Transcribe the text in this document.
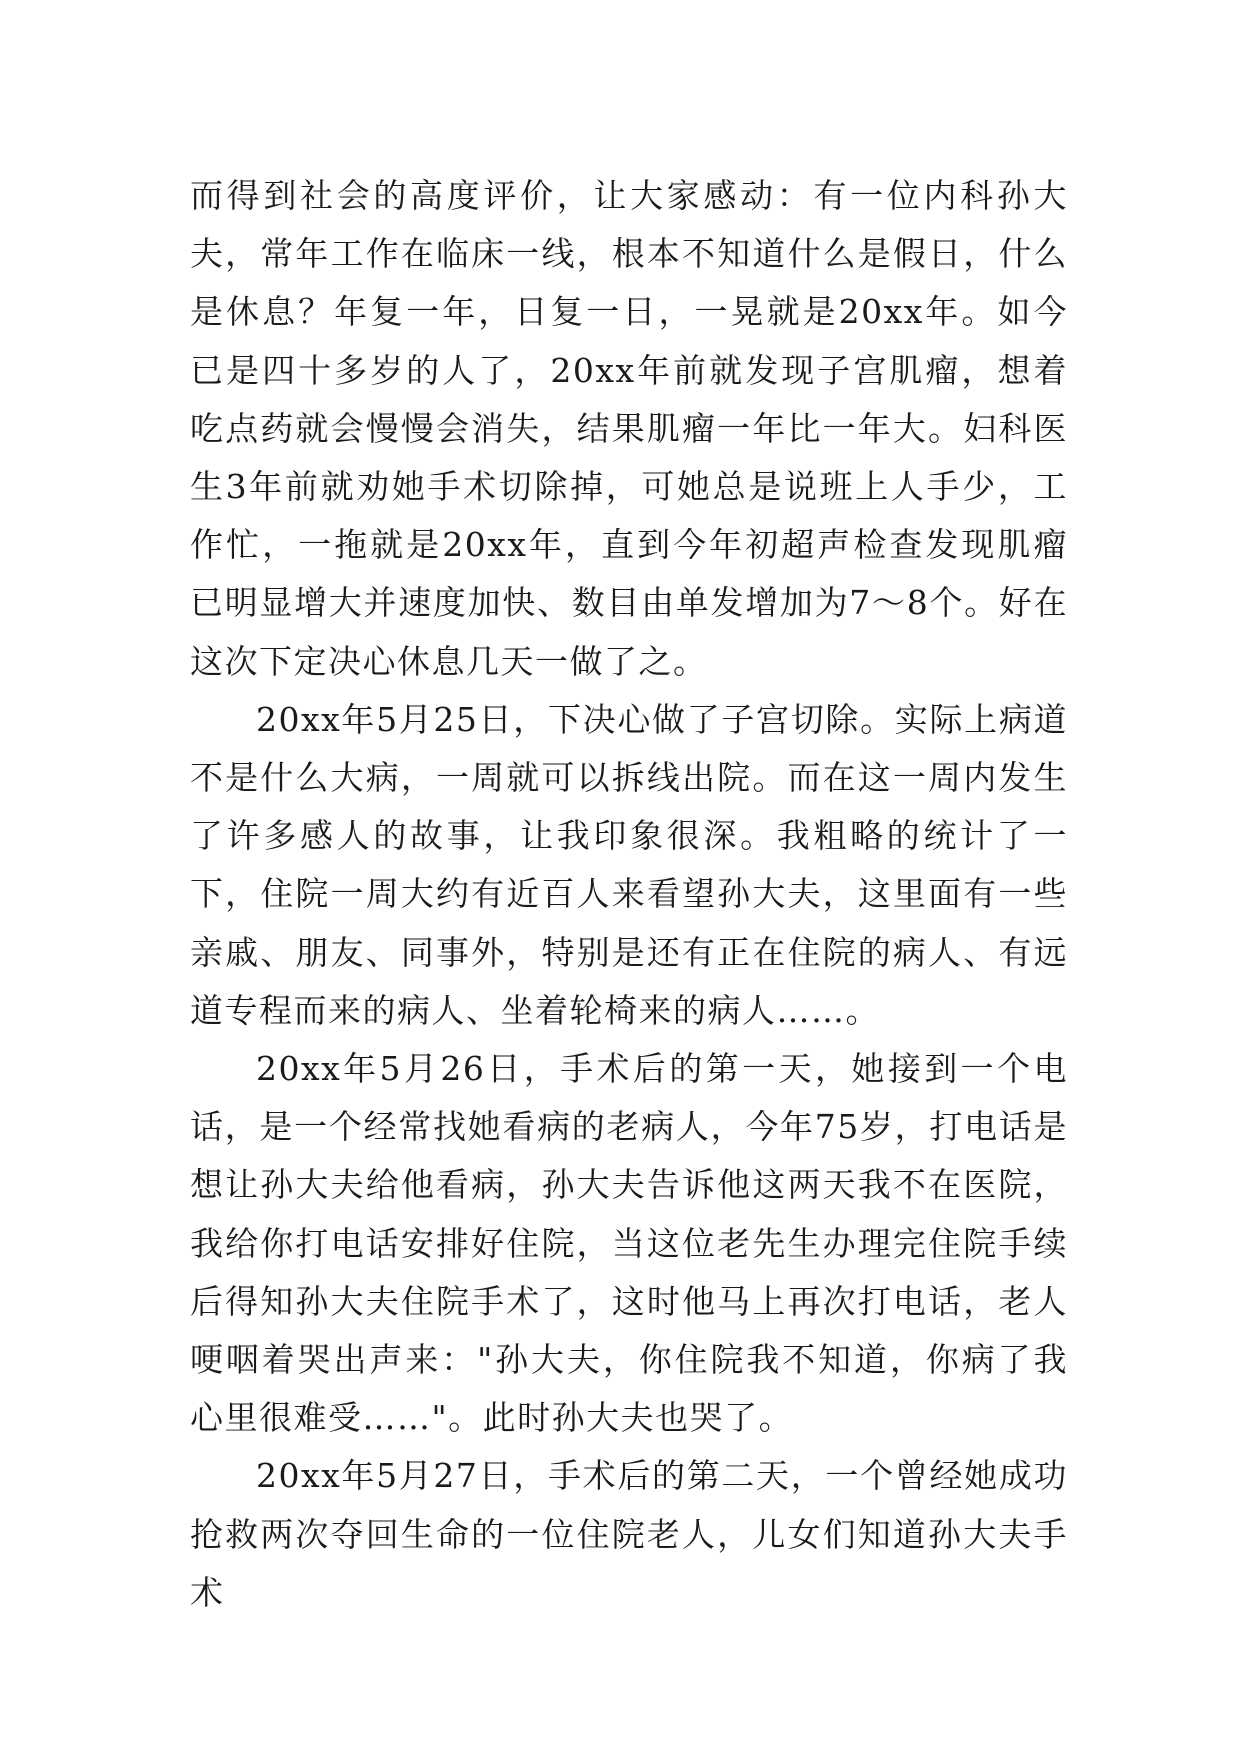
而得到社会的高度评价，让大家感动：有一位内科孙大夫，常年工作在临床一线，根本不知道什么是假日，什么是休息？年复一年，日复一日，一晃就是20xx年。如今已是四十多岁的人了，20xx年前就发现子宫肌瘤，想着吃点药就会慢慢会消失，结果肌瘤一年比一年大。妇科医生3年前就劝她手术切除掉，可她总是说班上人手少，工作忙，一拖就是20xx年，直到今年初超声检查发现肌瘤已明显增大并速度加快、数目由单发增加为7～8个。好在这次下定决心休息几天一做了之。

20xx年5月25日，下决心做了子宫切除。实际上病道不是什么大病，一周就可以拆线出院。而在这一周内发生了许多感人的故事，让我印象很深。我粗略的统计了一下，住院一周大约有近百人来看望孙大夫，这里面有一些亲戚、朋友、同事外，特别是还有正在住院的病人、有远道专程而来的病人、坐着轮椅来的病人……。

20xx年5月26日，手术后的第一天，她接到一个电话，是一个经常找她看病的老病人，今年75岁，打电话是想让孙大夫给他看病，孙大夫告诉他这两天我不在医院，我给你打电话安排好住院，当这位老先生办理完住院手续后得知孙大夫住院手术了，这时他马上再次打电话，老人哽咽着哭出声来："孙大夫，你住院我不知道，你病了我心里很难受……"。此时孙大夫也哭了。

20xx年5月27日，手术后的第二天，一个曾经她成功抢救两次夺回生命的一位住院老人，儿女们知道孙大夫手术
